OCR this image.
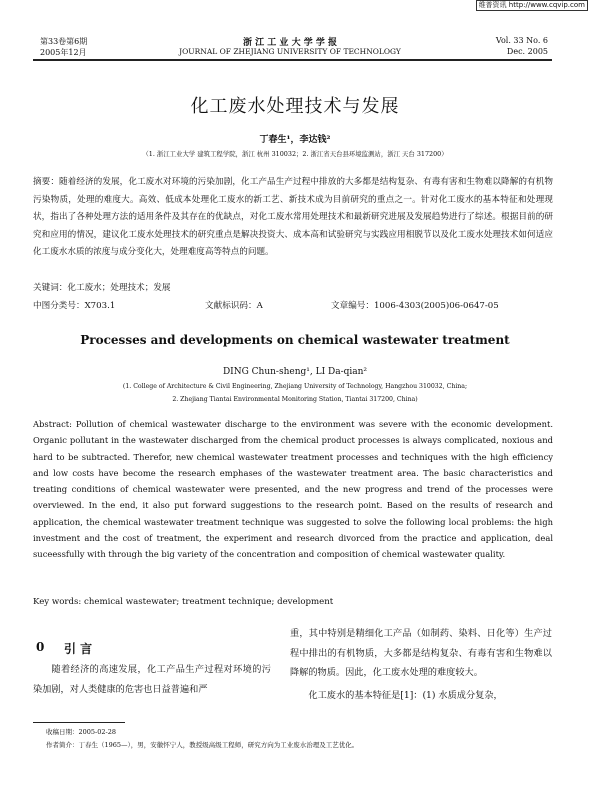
维普资讯 http://www.cqvip.com
第33卷第6期
2005年12月
浙 江 工 业 大 学 学 报
JOURNAL OF ZHEJIANG UNIVERSITY OF TECHNOLOGY
Vol. 33 No. 6
Dec. 2005
化工废水处理技术与发展
丁春生¹，李达钱²
（1. 浙江工业大学 建筑工程学院，浙江 杭州 310032；2. 浙江省天台县环境监测站，浙江 天台 317200）
摘要：随着经济的发展，化工废水对环境的污染加剧，化工产品生产过程中排放的大多都是结构复杂、有毒有害和生物难以降解的有机物污染物质，处理的难度大。高效、低成本处理化工废水的新工艺、新技术成为目前研究的重点之一。针对化工废水的基本特征和处理现状，指出了各种处理方法的适用条件及其存在的优缺点，对化工废水常用处理技术和最新研究进展及发展趋势进行了综述。根据目前的研究和应用的情况，建议化工废水处理技术的研究重点是解决投资大、成本高和试验研究与实践应用相脱节以及化工废水处理技术如何适应化工废水水质的浓度与成分变化大，处理难度高等特点的问题。
关键词：化工废水；处理技术；发展
中图分类号：X703.1	文献标识码：A	文章编号：1006-4303(2005)06-0647-05
Processes and developments on chemical wastewater treatment
DING Chun-sheng¹, LI Da-qian²
(1. College of Architecture & Civil Engineering, Zhejiang University of Technology, Hangzhou 310032, China;
2. Zhejiang Tiantai Environmental Monitoring Station, Tiantai 317200, China)
Abstract: Pollution of chemical wastewater discharge to the environment was severe with the economic development. Organic pollutant in the wastewater discharged from the chemical product processes is always complicated, noxious and hard to be subtracted. Therefor, new chemical wastewater treatment processes and techniques with the high efficiency and low costs have become the research emphases of the wastewater treatment area. The basic characteristics and treating conditions of chemical wastewater were presented, and the new progress and trend of the processes were overviewed. In the end, it also put forward suggestions to the research point. Based on the results of research and application, the chemical wastewater treatment technique was suggested to solve the following local problems: the high investment and the cost of treatment, the experiment and research divorced from the practice and application, deal suceessfully with through the big variety of the concentration and composition of chemical wastewater quality.
Key words: chemical wastewater; treatment technique; development
0 引 言
随着经济的高速发展，化工产品生产过程对环境的污染加剧，对人类健康的危害也日益普遍和严
重，其中特别是精细化工产品（如制药、染料、日化等）生产过程中排出的有机物质，大多都是结构复杂、有毒有害和生物难以降解的物质。因此，化工废水处理的难度较大。
化工废水的基本特征是[1]：(1) 水质成分复杂，
收稿日期：2005-02-28
作者简介：丁春生（1965—），男，安徽怀宁人，教授级高级工程师，研究方向为工业废水治理及工艺优化。
